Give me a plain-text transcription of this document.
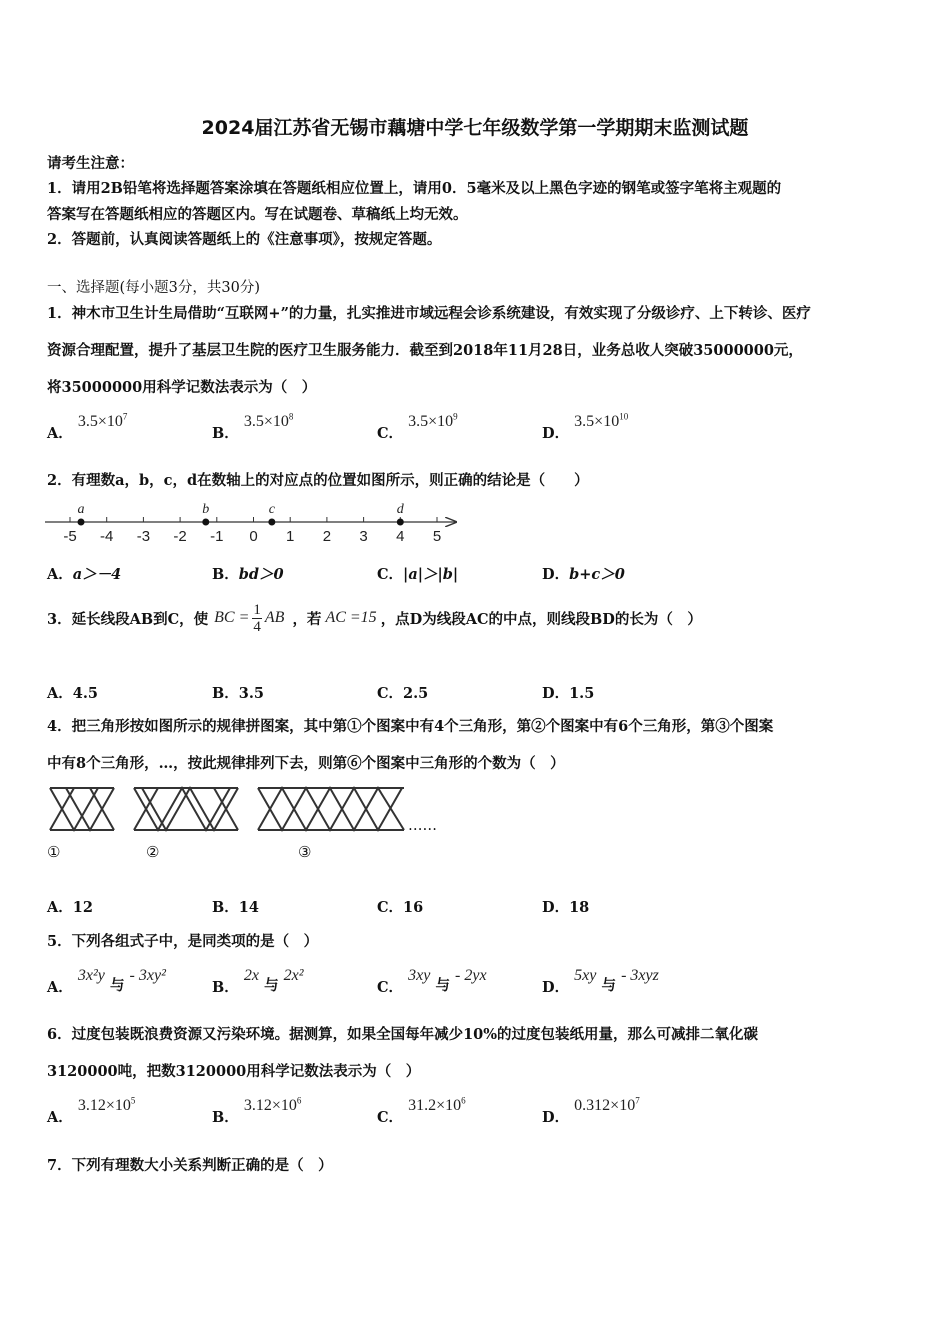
2024届江苏省无锡市藕塘中学七年级数学第一学期期末监测试题
请考生注意：
1．请用2B铅笔将选择题答案涂填在答题纸相应位置上，请用0．5毫米及以上黑色字迹的钢笔或签字笔将主观题的
答案写在答题纸相应的答题区内。写在试题卷、草稿纸上均无效。
2．答题前，认真阅读答题纸上的《注意事项》，按规定答题。
一、选择题(每小题3分，共30分)
1．神木市卫生计生局借助“互联网+”的力量，扎实推进市域远程会诊系统建设，有效实现了分级诊疗、上下转诊、医疗
资源合理配置，提升了基层卫生院的医疗卫生服务能力．截至到2018年11月28日，业务总收人突破35000000元，
将35000000用科学记数法表示为（　）
A． $3.5\times 10^7$
B． $3.5\times 10^8$
C． $3.5\times 10^9$
D． $3.5\times 10^{10}$
2．有理数a，b，c，d在数轴上的对应点的位置如图所示，则正确的结论是（　　）
-5 -4 -3 -2 -1 0 1 2 3 4 5
a	b	c	d
A．a＞－4	B．bd＞0	C．|a|＞|b|	D．b+c＞0
3．延长线段AB到C，使 BC = $\frac{1}{4}$ AB ，若 AC =15 ，点D为线段AC的中点，则线段BD的长为（　）
A．4.5	B．3.5	C．2.5	D．1.5
4．把三角形按如图所示的规律拼图案，其中第①个图案中有4个三角形，第②个图案中有6个三角形，第③个图案
中有8个三角形，…，按此规律排列下去，则第⑥个图案中三角形的个数为（　）
……
①	②	③
A．12	B．14	C．16	D．18
5．下列各组式子中，是同类项的是（　）
A． 3x²y 与 - 3xy²
B． 2x 与 2x²
C． 3xy 与 - 2yx
D． 5xy 与 - 3xyz
6．过度包装既浪费资源又污染环境。据测算，如果全国每年减少10%的过度包装纸用量，那么可减排二氧化碳
3120000吨，把数3120000用科学记数法表示为（　）
A． $3.12\times 10^5$
B． $3.12\times 10^6$
C． $31.2\times 10^6$
D． $0.312\times 10^7$
7．下列有理数大小关系判断正确的是（　）
